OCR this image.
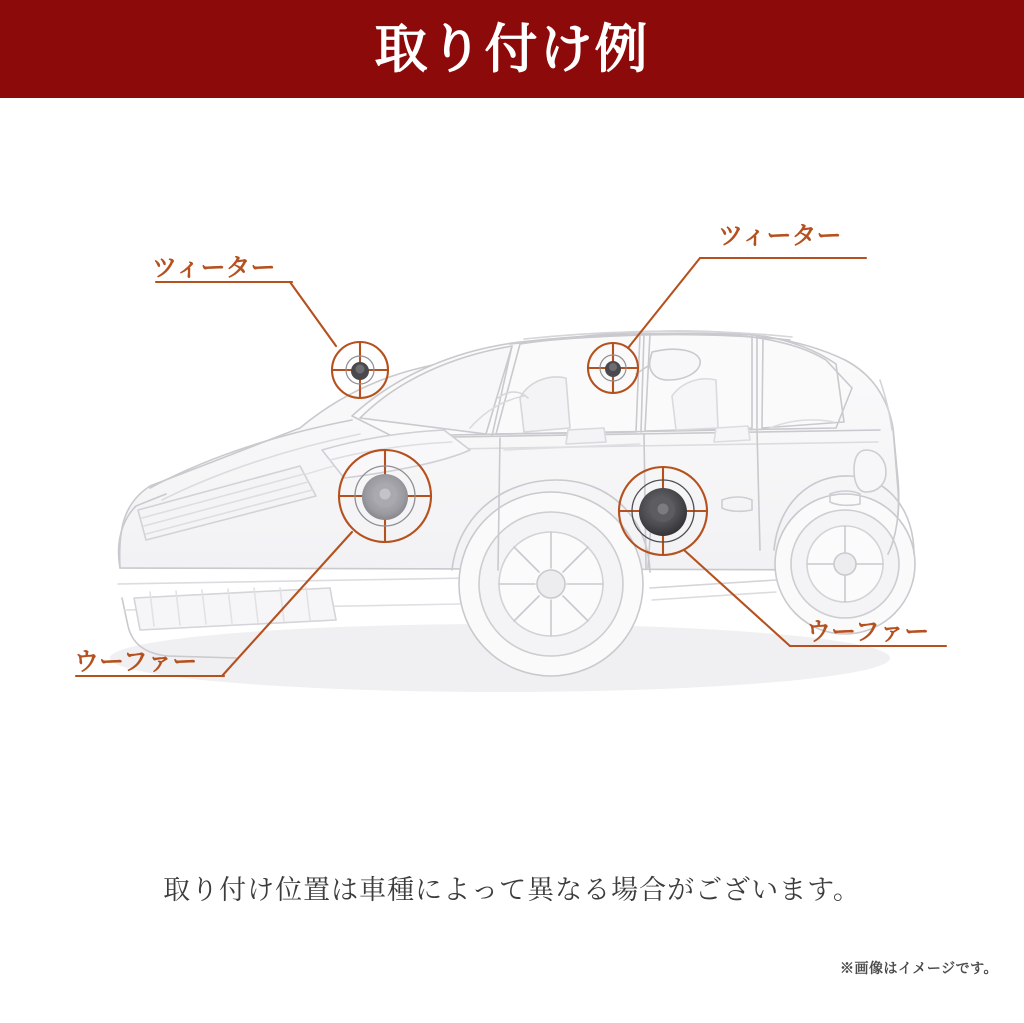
取り付け例
ツィーター
ツィーター
ウーファー
ウーファー
取り付け位置は車種によって異なる場合がございます。
※画像はイメージです。
